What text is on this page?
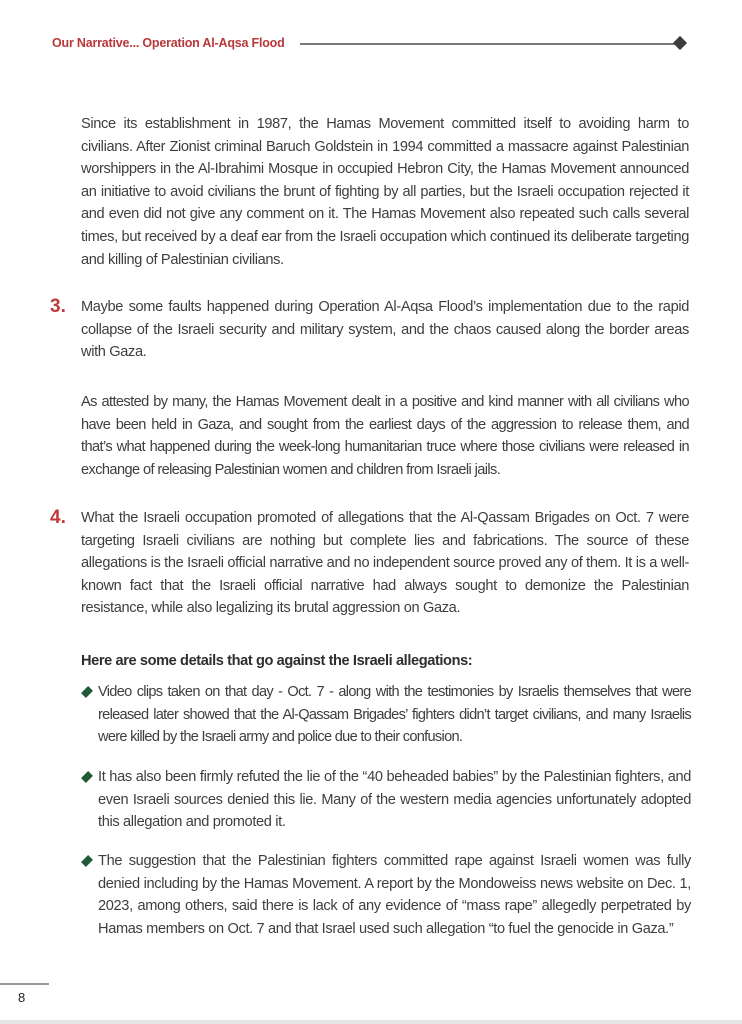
Our Narrative... Operation Al-Aqsa Flood

Since its establishment in 1987, the Hamas Movement committed itself to avoiding harm to civilians. After Zionist criminal Baruch Goldstein in 1994 committed a massacre against Palestinian worshippers in the Al-Ibrahimi Mosque in occupied Hebron City, the Hamas Movement announced an initiative to avoid civilians the brunt of fighting by all parties, but the Israeli occupation rejected it and even did not give any comment on it. The Hamas Movement also repeated such calls several times, but received by a deaf ear from the Israeli occupation which continued its deliberate targeting and killing of Palestinian civilians.

3. Maybe some faults happened during Operation Al-Aqsa Flood’s implementation due to the rapid collapse of the Israeli security and military system, and the chaos caused along the border areas with Gaza.

As attested by many, the Hamas Movement dealt in a positive and kind manner with all civilians who have been held in Gaza, and sought from the earliest days of the aggression to release them, and that’s what happened during the week-long humanitarian truce where those civilians were released in exchange of releasing Palestinian women and children from Israeli jails.

4. What the Israeli occupation promoted of allegations that the Al-Qassam Brigades on Oct. 7 were targeting Israeli civilians are nothing but complete lies and fabrications. The source of these allegations is the Israeli official narrative and no independent source proved any of them. It is a well-known fact that the Israeli official narrative had always sought to demonize the Palestinian resistance, while also legalizing its brutal aggression on Gaza.

Here are some details that go against the Israeli allegations:

Video clips taken on that day - Oct. 7 - along with the testimonies by Israelis themselves that were released later showed that the Al-Qassam Brigades’ fighters didn’t target civilians, and many Israelis were killed by the Israeli army and police due to their confusion.

It has also been firmly refuted the lie of the “40 beheaded babies” by the Palestinian fighters, and even Israeli sources denied this lie. Many of the western media agencies unfortunately adopted this allegation and promoted it.

The suggestion that the Palestinian fighters committed rape against Israeli women was fully denied including by the Hamas Movement. A report by the Mondoweiss news website on Dec. 1, 2023, among others, said there is lack of any evidence of “mass rape” allegedly perpetrated by Hamas members on Oct. 7 and that Israel used such allegation “to fuel the genocide in Gaza.”

8
